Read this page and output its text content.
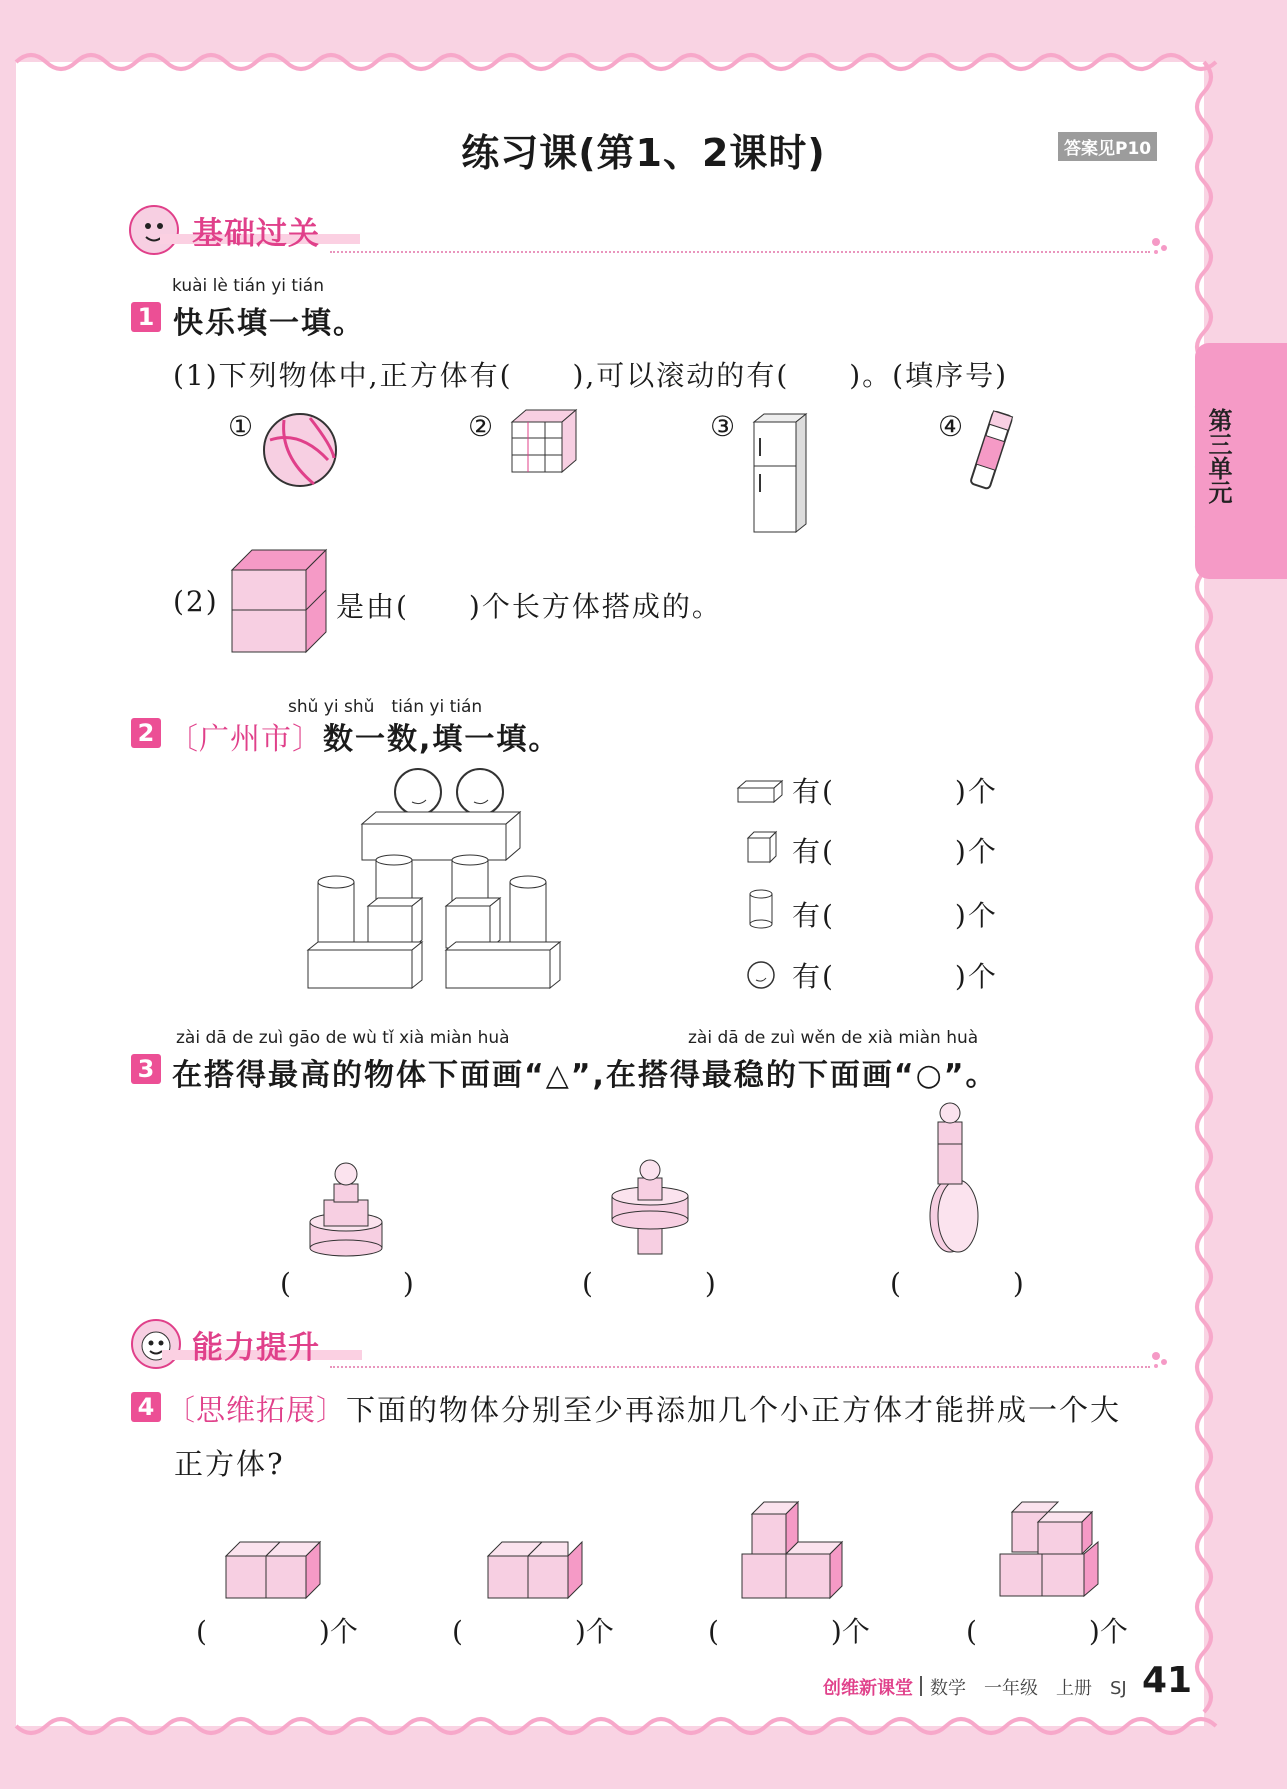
第三单元
练习课(第1、2课时)	答案见P10
基础过关
kuài lè tián yi tián
1 快乐填一填。
(1)下列物体中,正方体有(　　),可以滚动的有(　　)。(填序号)
①	②	③	④
(2)	是由(　　)个长方体搭成的。
shǔ yi shǔ　tián yi tián
2 〔广州市〕数一数,填一填。
有(　　　　)个
有(　　　　)个
有(　　　　)个
有(　　　　)个
zài dā de zuì gāo de wù tǐ xià miàn huà	zài dā de zuì wěn de xià miàn huà
3 在搭得最高的物体下面画“△”,在搭得最稳的下面画“○”。
(　　　　)	(　　　　)	(　　　　)
能力提升
4 〔思维拓展〕下面的物体分别至少再添加几个小正方体才能拼成一个大
正方体?
(　　　　)个	(　　　　)个	(　　　　)个	(　　　　)个
创维新课堂 数学　一年级　上册　SJ 41
